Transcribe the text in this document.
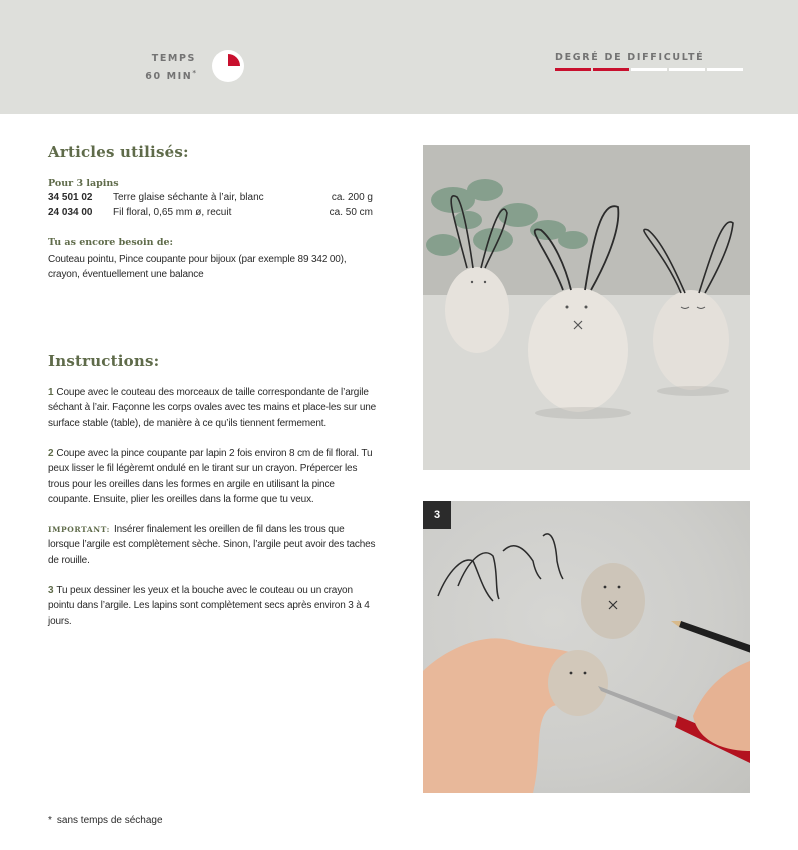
TEMPS
60 MIN*
DEGRÉ DE DIFFICULTÉ
Articles utilisés:
Pour 3 lapins
34 501 02 Terre glaise séchante à l’air, blanc	ca. 200 g
24 034 00 Fil floral, 0,65 mm ø, recuit	ca. 50 cm
Tu as encore besoin de:
Couteau pointu, Pince coupante pour bijoux (par exemple 89 342 00), crayon, éventuellement une balance
Instructions:
1 Coupe avec le couteau des morceaux de taille correspondante de l’argile séchant à l’air. Façonne les corps ovales avec tes mains et place-les sur une surface stable (table), de manière à ce qu’ils tiennent fermement.
2 Coupe avec la pince coupante par lapin 2 fois environ 8 cm de fil floral. Tu peux lisser le fil légèremt ondulé en le tirant sur un crayon. Prépercer les trous pour les oreilles dans les formes en argile en utilisant la pince coupante. Ensuite, plier les oreilles dans la forme que tu veux.
IMPORTANT: Insérer finalement les oreillen de fil dans les trous que lorsque l’argile est complètement sèche. Sinon, l’argile peut avoir des taches de rouille.
3 Tu peux dessiner les yeux et la bouche avec le couteau ou un crayon pointu dans l’argile. Les lapins sont complètement secs après environ 3 à 4 jours.
3
* sans temps de séchage
